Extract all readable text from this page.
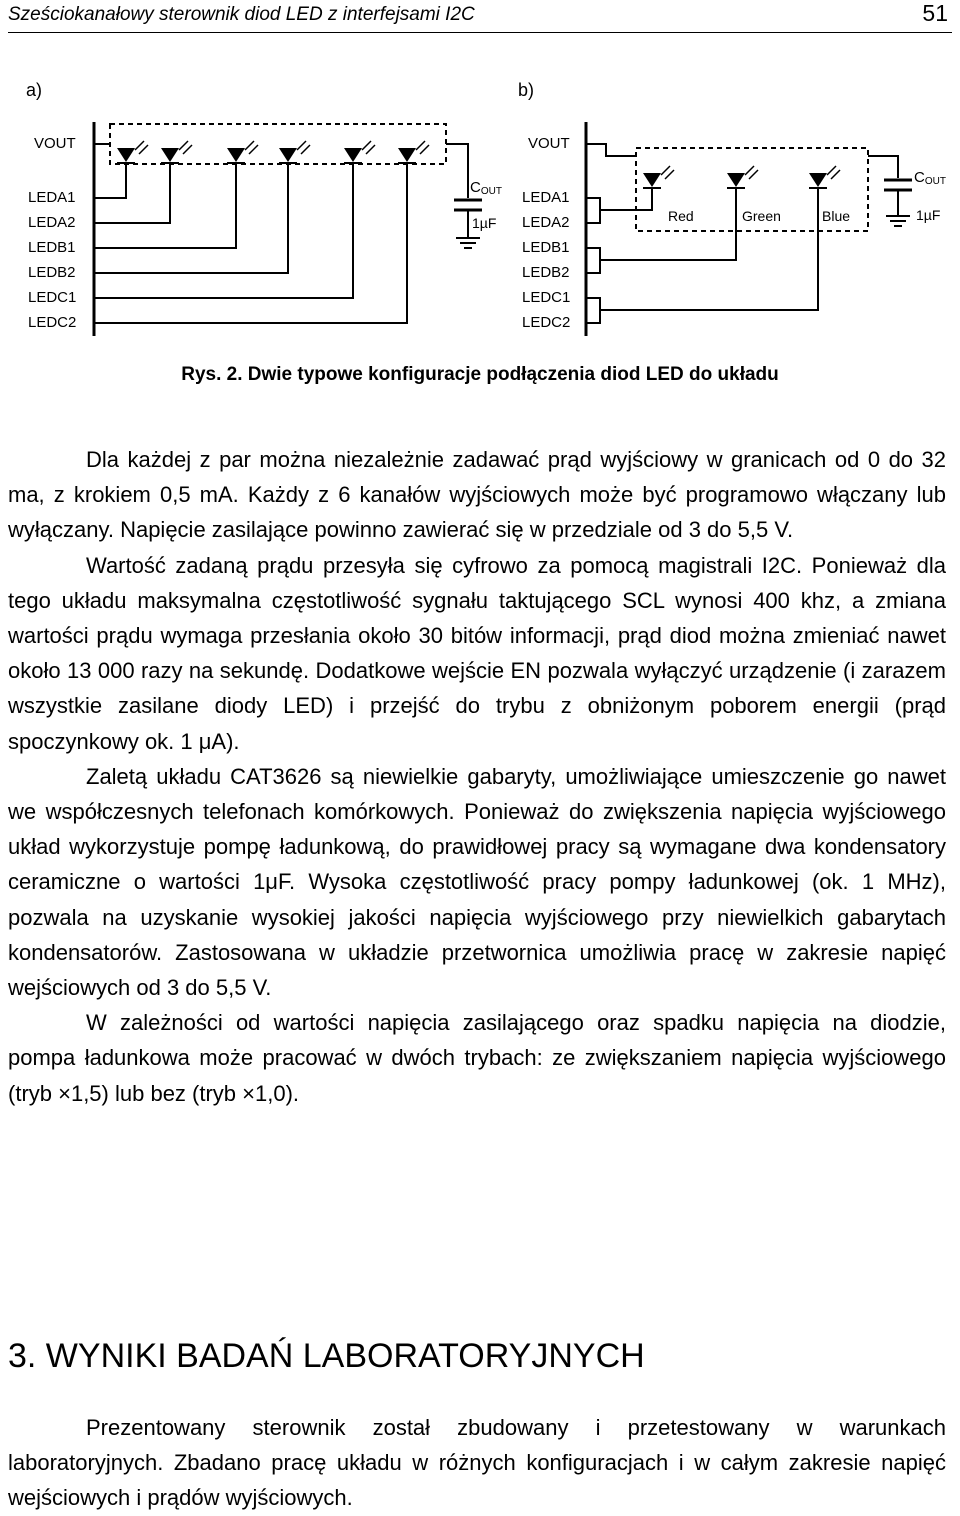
Sześciokanałowy sterownik diod LED z interfejsami I2C	51
a)	b)
VOUT
LEDA1
LEDA2
LEDB1
LEDB2
LEDC1
LEDC2
COUT
1µF
VOUT
LEDA1
LEDA2
LEDB1
LEDB2
LEDC1
LEDC2
Red	Green	Blue
COUT
1µF
Rys. 2. Dwie typowe konfiguracje podłączenia diod LED do układu

Dla każdej z par można niezależnie zadawać prąd wyjściowy w granicach od 0 do 32 ma, z krokiem 0,5 mA. Każdy z 6 kanałów wyjściowych może być programowo włączany lub wyłączany. Napięcie zasilające powinno zawierać się w przedziale od 3 do 5,5 V.

Wartość zadaną prądu przesyła się cyfrowo za pomocą magistrali I2C. Ponieważ dla tego układu maksymalna częstotliwość sygnału taktującego SCL wynosi 400 khz, a zmiana wartości prądu wymaga przesłania około 30 bitów informacji, prąd diod można zmieniać nawet około 13 000 razy na sekundę. Dodatkowe wejście EN pozwala wyłączyć urządzenie (i zarazem wszystkie zasilane diody LED) i przejść do trybu z obniżonym poborem energii (prąd spoczynkowy ok. 1 μA).

Zaletą układu CAT3626 są niewielkie gabaryty, umożliwiające umieszczenie go nawet we współczesnych telefonach komórkowych. Ponieważ do zwiększenia napięcia wyjściowego układ wykorzystuje pompę ładunkową, do prawidłowej pracy są wymagane dwa kondensatory ceramiczne o wartości 1μF. Wysoka częstotliwość pracy pompy ładunkowej (ok. 1 MHz), pozwala na uzyskanie wysokiej jakości napięcia wyjściowego przy niewielkich gabarytach kondensatorów. Zastosowana w układzie przetwornica umożliwia pracę w zakresie napięć wejściowych od 3 do 5,5 V.

W zależności od wartości napięcia zasilającego oraz spadku napięcia na diodzie, pompa ładunkowa może pracować w dwóch trybach: ze zwiększaniem napięcia wyjściowego (tryb ×1,5) lub bez (tryb ×1,0).

3. WYNIKI BADAŃ LABORATORYJNYCH

Prezentowany sterownik został zbudowany i przetestowany w warunkach laboratoryjnych. Zbadano pracę układu w różnych konfiguracjach i w całym zakresie napięć wejściowych i prądów wyjściowych.
